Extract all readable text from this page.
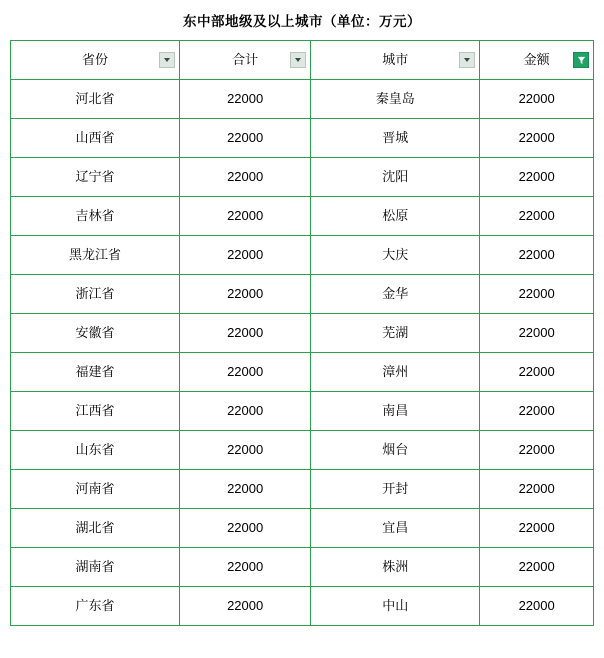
东中部地级及以上城市（单位：万元）
省份	合计	城市	金额

河北省	22000	秦皇岛	22000
山西省	22000	晋城	22000
辽宁省	22000	沈阳	22000
吉林省	22000	松原	22000
黑龙江省	22000	大庆	22000
浙江省	22000	金华	22000
安徽省	22000	芜湖	22000
福建省	22000	漳州	22000
江西省	22000	南昌	22000
山东省	22000	烟台	22000
河南省	22000	开封	22000
湖北省	22000	宜昌	22000
湖南省	22000	株洲	22000
广东省	22000	中山	22000
